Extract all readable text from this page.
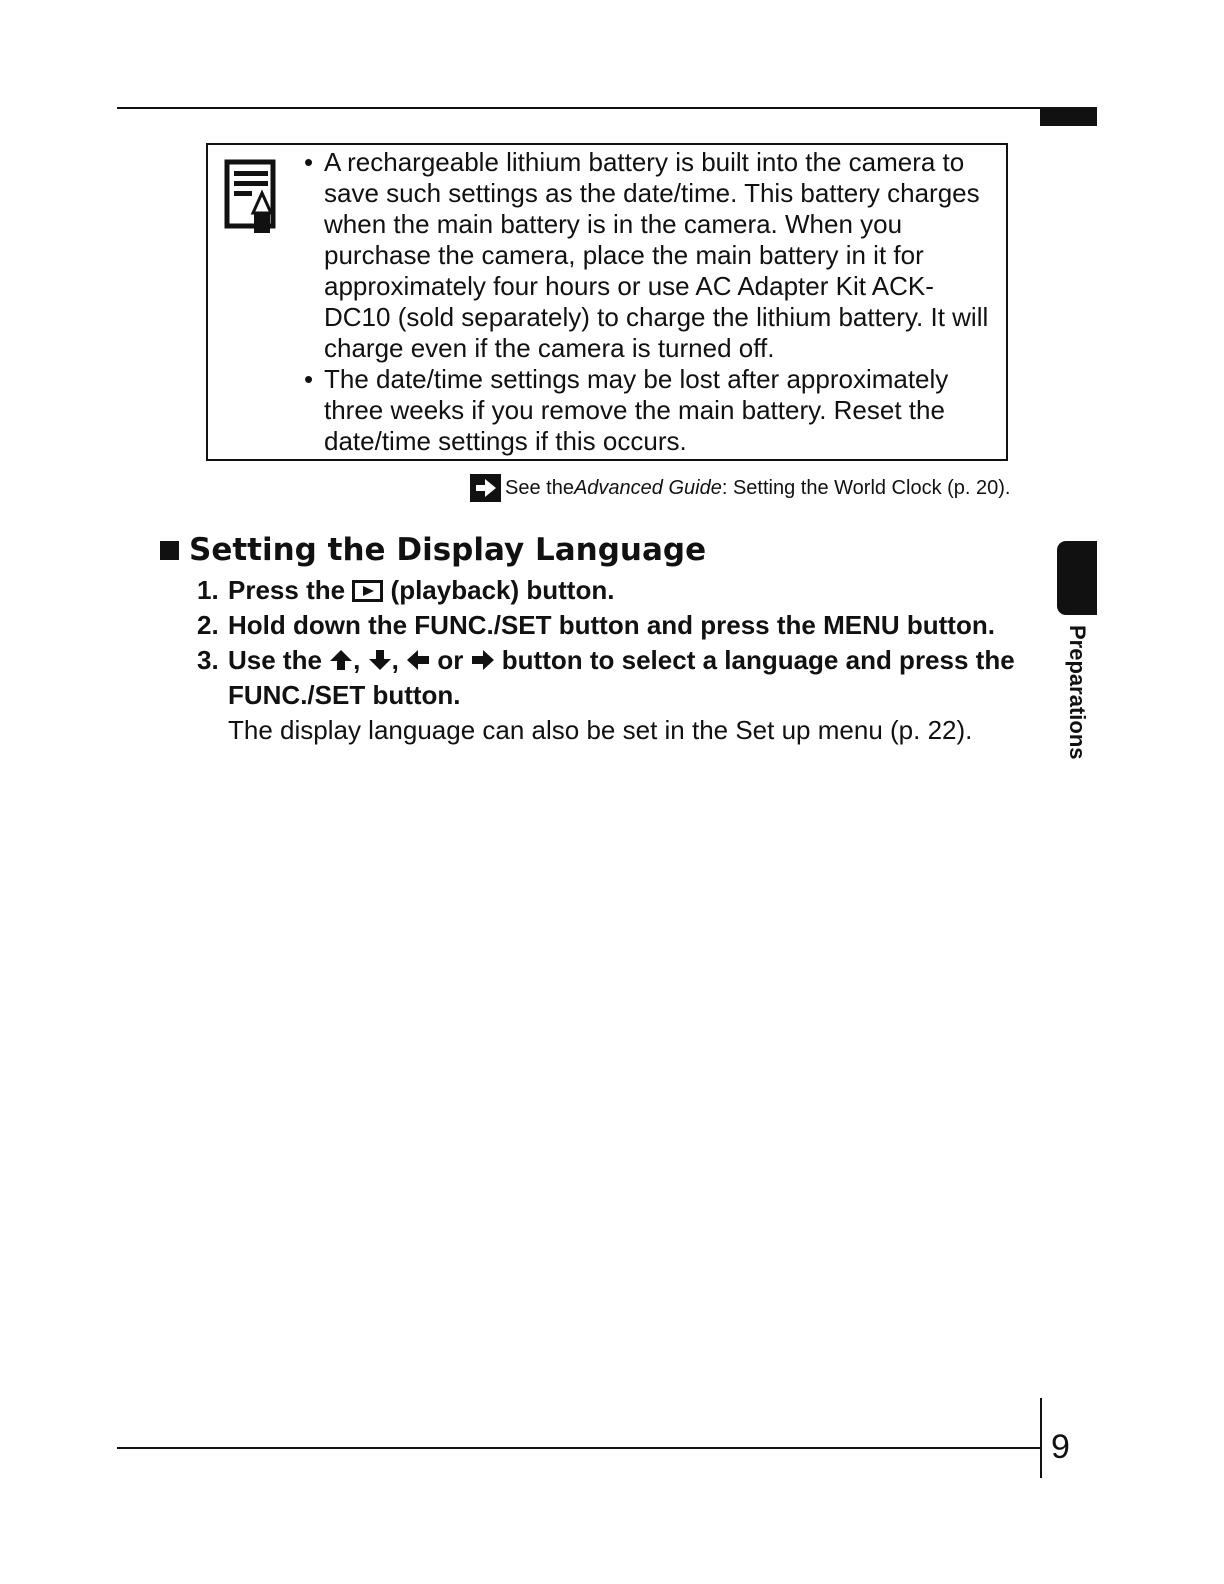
• A rechargeable lithium battery is built into the camera to save such settings as the date/time. This battery charges when the main battery is in the camera. When you purchase the camera, place the main battery in it for approximately four hours or use AC Adapter Kit ACK-DC10 (sold separately) to charge the lithium battery. It will charge even if the camera is turned off.
• The date/time settings may be lost after approximately three weeks if you remove the main battery. Reset the date/time settings if this occurs.
See the Advanced Guide : Setting the World Clock (p. 20).
Setting the Display Language
1. Press the (playback) button.
2. Hold down the FUNC./SET button and press the MENU button.
3. Use the , , or button to select a language and press the FUNC./SET button.
The display language can also be set in the Set up menu (p. 22).	Preparations
9
